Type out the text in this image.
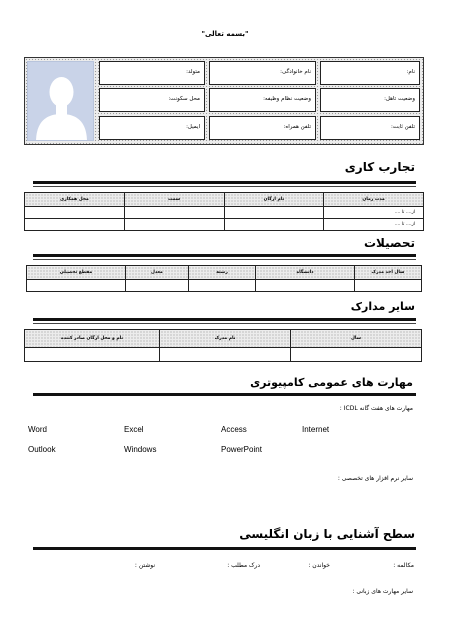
"بسمه تعالی"
نام:
نام خانوادگی:
متولد:
وضعیت تاهل:
وضعیت نظام وظیفه:
محل سکونت:
تلفن ثابت:
تلفن همراه:
ایمیل:
تجارب کاری
مدت زمان	نام ارگان	سمت	محل همکاری
از.... تا ....			
از.... تا ....			
تحصیلات
سال اخذ مدرک	دانشگاه	رشته	معدل	مقطع تحصیلی

سایر مدارک
سال	نام مدرک	نام و محل ارگان صادر کننده

مهارت های عمومی کامپیوتری
مهارت های هفت گانه ICDL :
Word	Excel	Access	Internet
Outlook	Windows	PowerPoint
سایر نرم افزار های تخصصی :
سطح آشنایی با زبان انگلیسی
مکالمه :
خواندن :
درک مطلب :
نوشتن :
سایر مهارت های زبانی :
